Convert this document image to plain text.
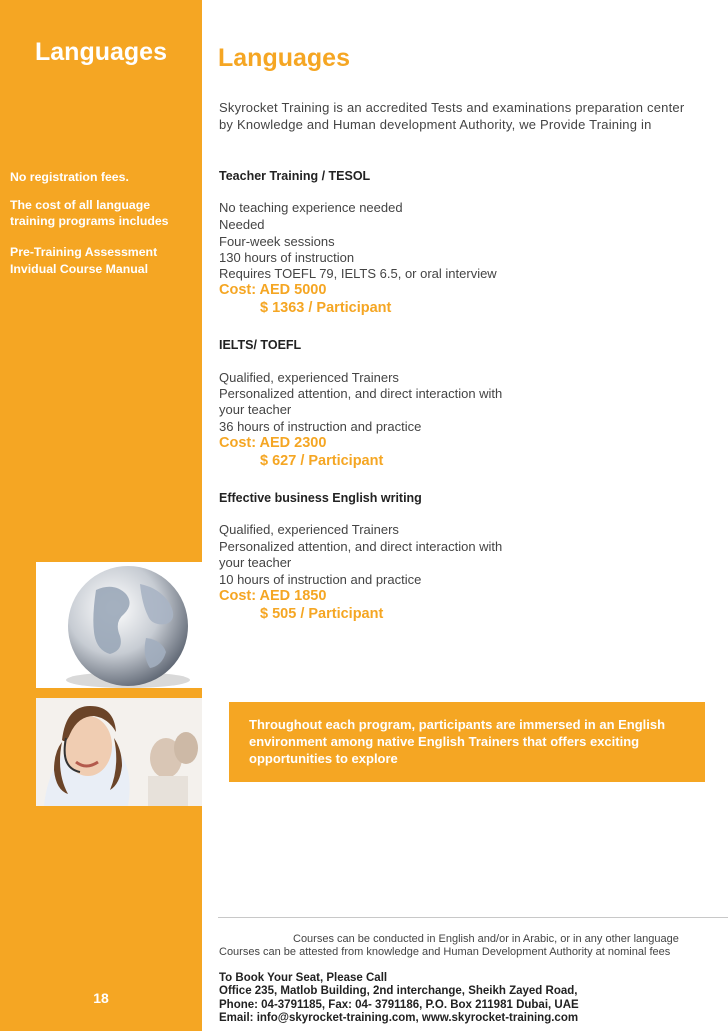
Languages
No registration fees.
The cost of all language
training programs includes
Pre-Training Assessment
Invidual Course Manual
18
Languages
Skyrocket Training is an accredited Tests and examinations preparation center by Knowledge and Human development Authority, we Provide Training in
Teacher Training / TESOL
No teaching experience needed
Needed
Four-week sessions
130 hours of instruction
Requires TOEFL 79, IELTS 6.5, or oral interview
Cost: AED 5000
$ 1363 / Participant
IELTS/ TOEFL
Qualified, experienced Trainers
Personalized attention, and direct interaction with
your teacher
36 hours of instruction and practice
Cost: AED 2300
$ 627 / Participant
Effective business English writing
Qualified, experienced Trainers
Personalized attention, and direct interaction with
your teacher
10 hours of instruction and practice
Cost: AED 1850
$ 505 / Participant
Throughout each program, participants are immersed in an English environment among native English Trainers that offers exciting opportunities to explore
Courses can be conducted in English and/or in Arabic, or in any other language
Courses can be attested from knowledge and Human Development Authority at nominal fees
To Book Your Seat, Please Call
Office 235, Matlob Building, 2nd interchange, Sheikh Zayed Road,
Phone: 04-3791185, Fax: 04- 3791186, P.O. Box 211981 Dubai, UAE
Email: info@skyrocket-training.com, www.skyrocket-training.com
